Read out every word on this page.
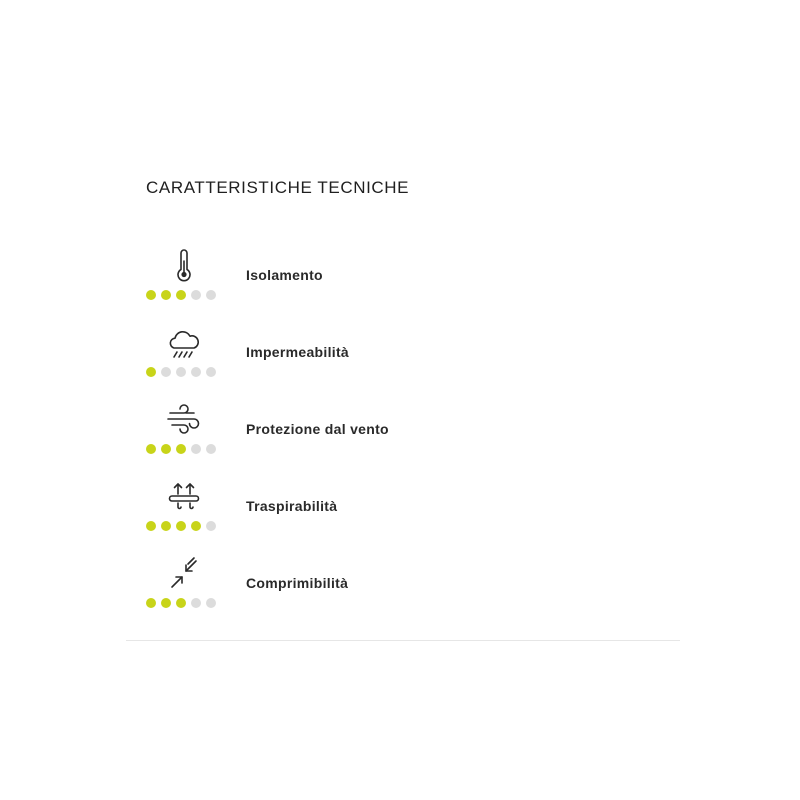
CARATTERISTICHE TECNICHE
Isolamento
Impermeabilità
Protezione dal vento
Traspirabilità
Comprimibilità
